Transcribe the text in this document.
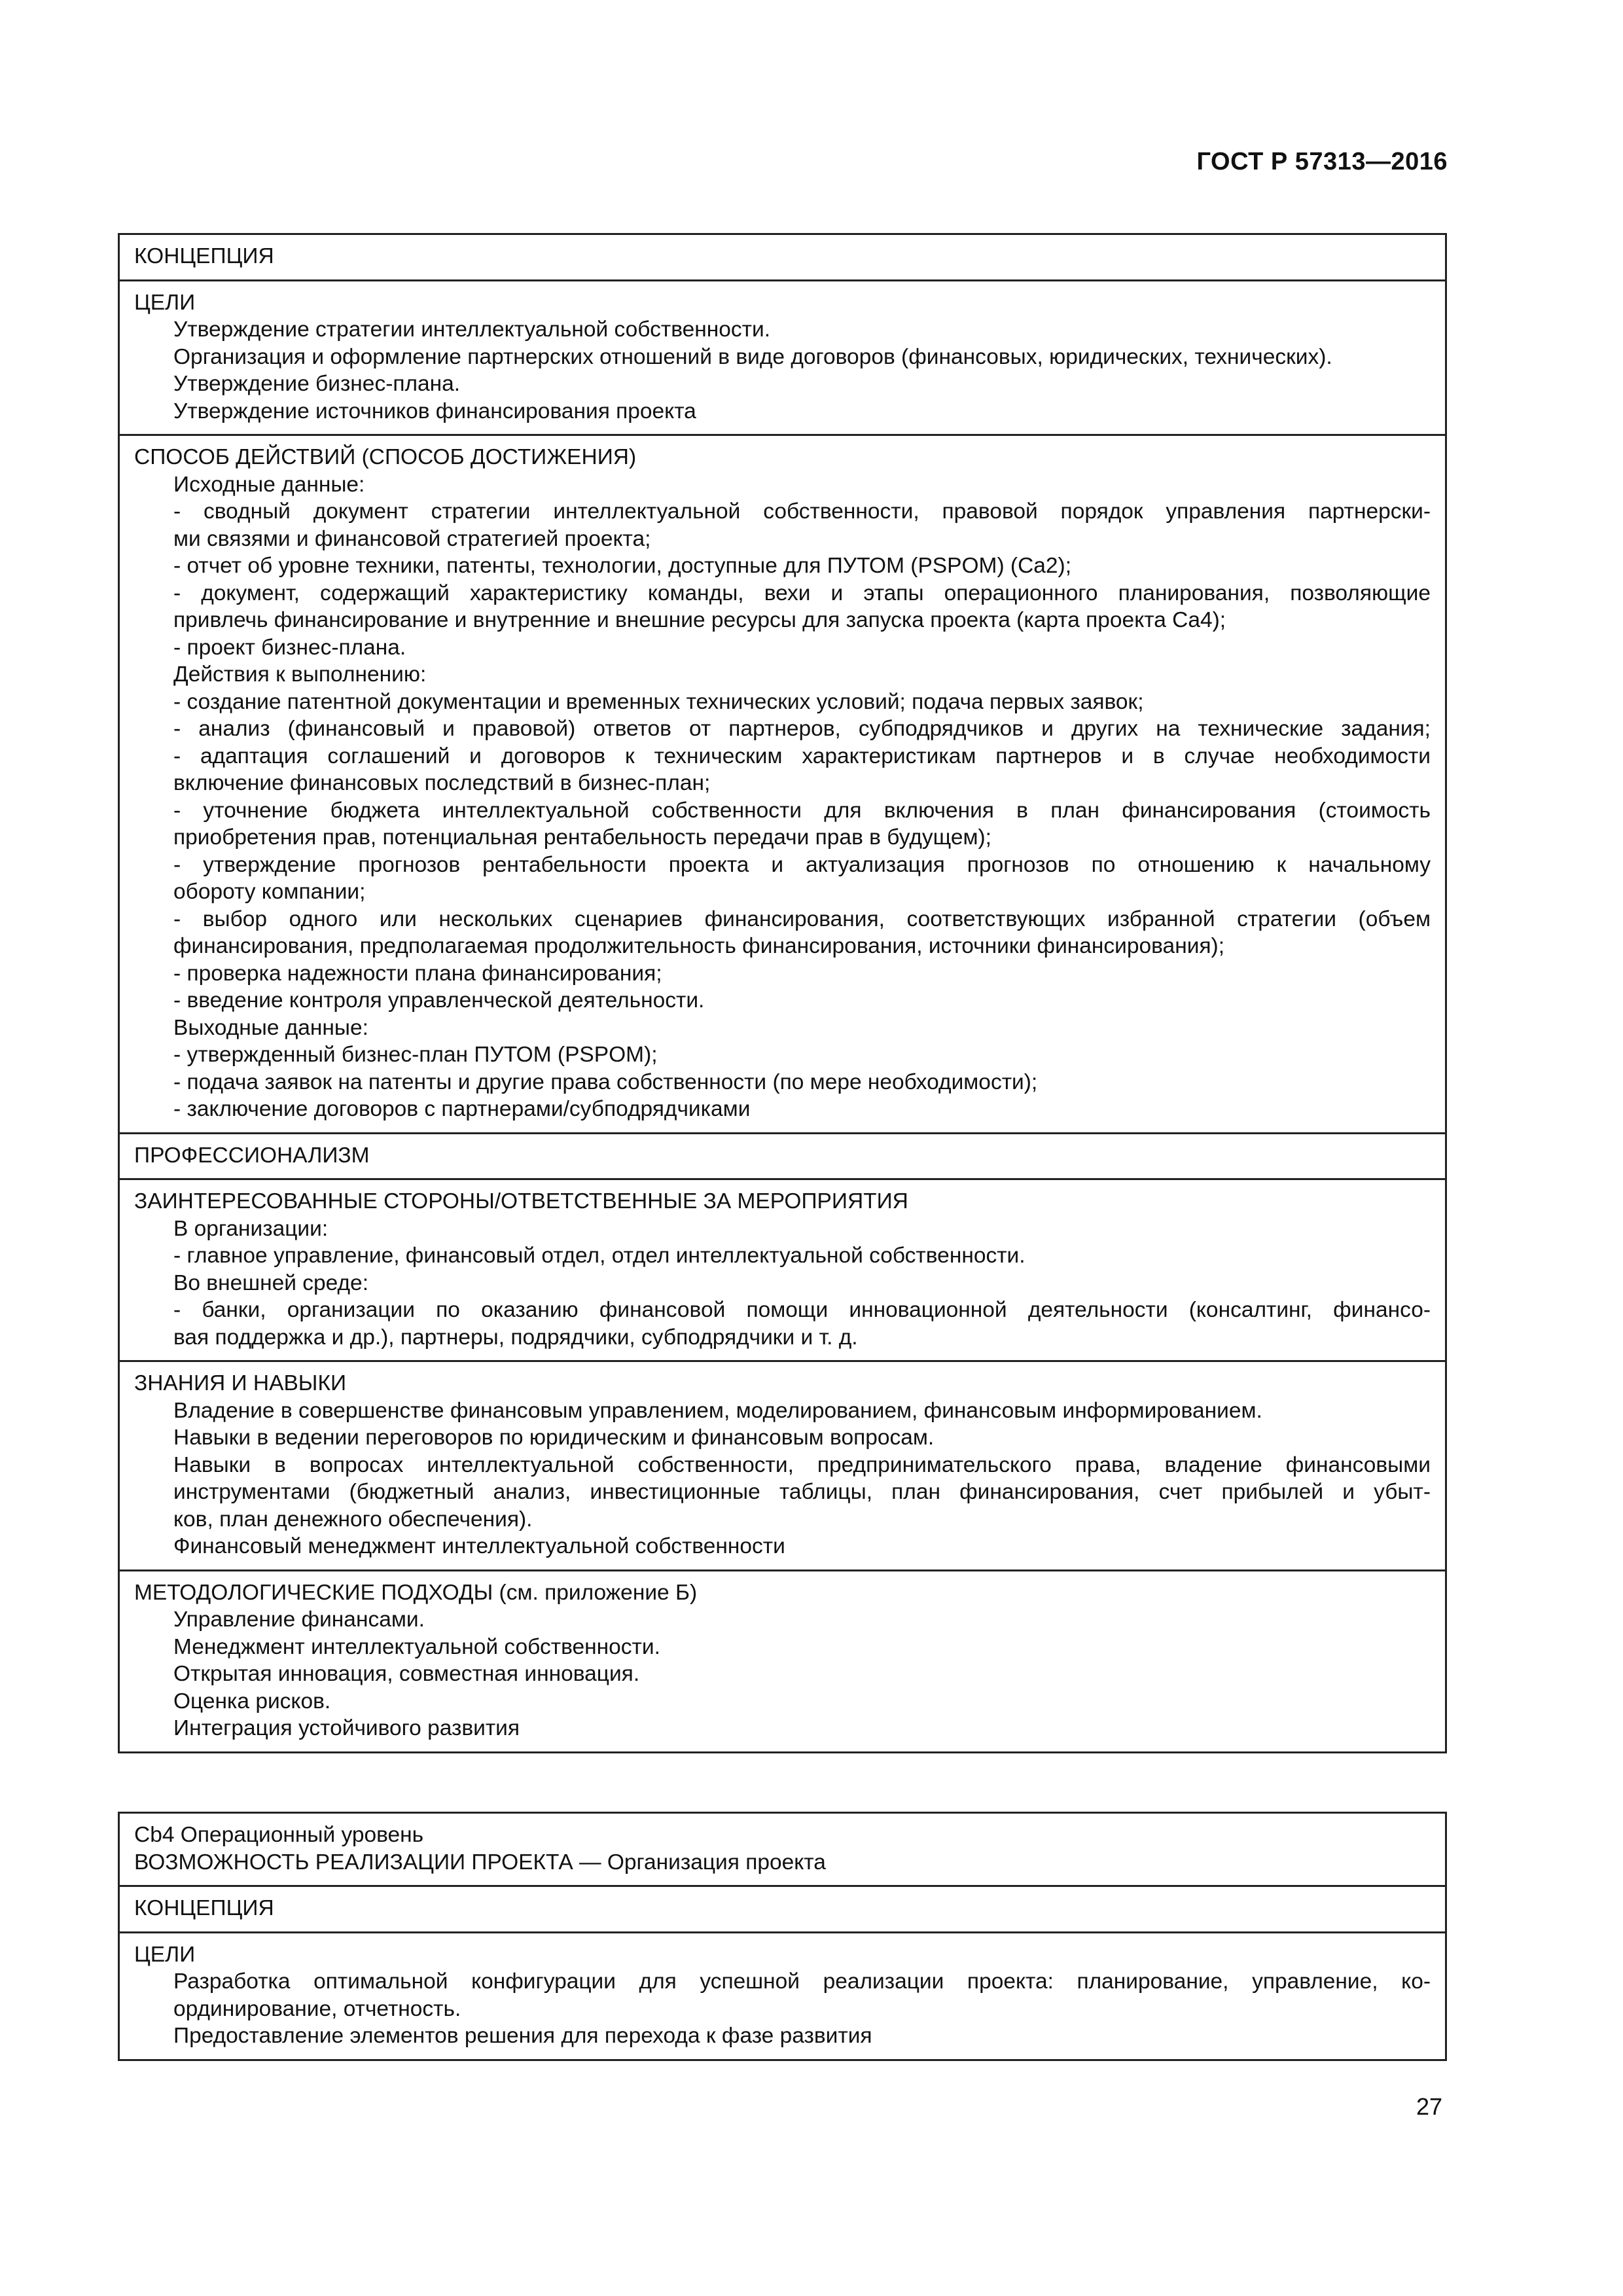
ГОСТ Р 57313—2016
КОНЦЕПЦИЯ
ЦЕЛИ
Утверждение стратегии интеллектуальной собственности.
Организация и оформление партнерских отношений в виде договоров (финансовых, юридических, технических).
Утверждение бизнес-плана.
Утверждение источников финансирования проекта
СПОСОБ ДЕЙСТВИЙ (СПОСОБ ДОСТИЖЕНИЯ)
Исходные данные:
- сводный документ стратегии интеллектуальной собственности, правовой порядок управления партнерски-
ми связями и финансовой стратегией проекта;
- отчет об уровне техники, патенты, технологии, доступные для ПУТОМ (PSPOM) (Ca2);
- документ, содержащий характеристику команды, вехи и этапы операционного планирования, позволяющие
привлечь финансирование и внутренние и внешние ресурсы для запуска проекта (карта проекта Ca4);
- проект бизнес-плана.
Действия к выполнению:
- создание патентной документации и временных технических условий; подача первых заявок;
- анализ (финансовый и правовой) ответов от партнеров, субподрядчиков и других на технические задания;
- адаптация соглашений и договоров к техническим характеристикам партнеров и в случае необходимости
включение финансовых последствий в бизнес-план;
- уточнение бюджета интеллектуальной собственности для включения в план финансирования (стоимость
приобретения прав, потенциальная рентабельность передачи прав в будущем);
- утверждение прогнозов рентабельности проекта и актуализация прогнозов по отношению к начальному
обороту компании;
- выбор одного или нескольких сценариев финансирования, соответствующих избранной стратегии (объем
финансирования, предполагаемая продолжительность финансирования, источники финансирования);
- проверка надежности плана финансирования;
- введение контроля управленческой деятельности.
Выходные данные:
- утвержденный бизнес-план ПУТОМ (PSPOM);
- подача заявок на патенты и другие права собственности (по мере необходимости);
- заключение договоров с партнерами/субподрядчиками
ПРОФЕССИОНАЛИЗМ
ЗАИНТЕРЕСОВАННЫЕ СТОРОНЫ/ОТВЕТСТВЕННЫЕ ЗА МЕРОПРИЯТИЯ
В организации:
- главное управление, финансовый отдел, отдел интеллектуальной собственности.
Во внешней среде:
- банки, организации по оказанию финансовой помощи инновационной деятельности (консалтинг, финансо-
вая поддержка и др.), партнеры, подрядчики, субподрядчики и т. д.
ЗНАНИЯ И НАВЫКИ
Владение в совершенстве финансовым управлением, моделированием, финансовым информированием.
Навыки в ведении переговоров по юридическим и финансовым вопросам.
Навыки в вопросах интеллектуальной собственности, предпринимательского права, владение финансовыми
инструментами (бюджетный анализ, инвестиционные таблицы, план финансирования, счет прибылей и убыт-
ков, план денежного обеспечения).
Финансовый менеджмент интеллектуальной собственности
МЕТОДОЛОГИЧЕСКИЕ ПОДХОДЫ (см. приложение Б)
Управление финансами.
Менеджмент интеллектуальной собственности.
Открытая инновация, совместная инновация.
Оценка рисков.
Интеграция устойчивого развития
Cb4 Операционный уровень
ВОЗМОЖНОСТЬ РЕАЛИЗАЦИИ ПРОЕКТА — Организация проекта
КОНЦЕПЦИЯ
ЦЕЛИ
Разработка оптимальной конфигурации для успешной реализации проекта: планирование, управление, ко-
ординирование, отчетность.
Предоставление элементов решения для перехода к фазе развития
27
